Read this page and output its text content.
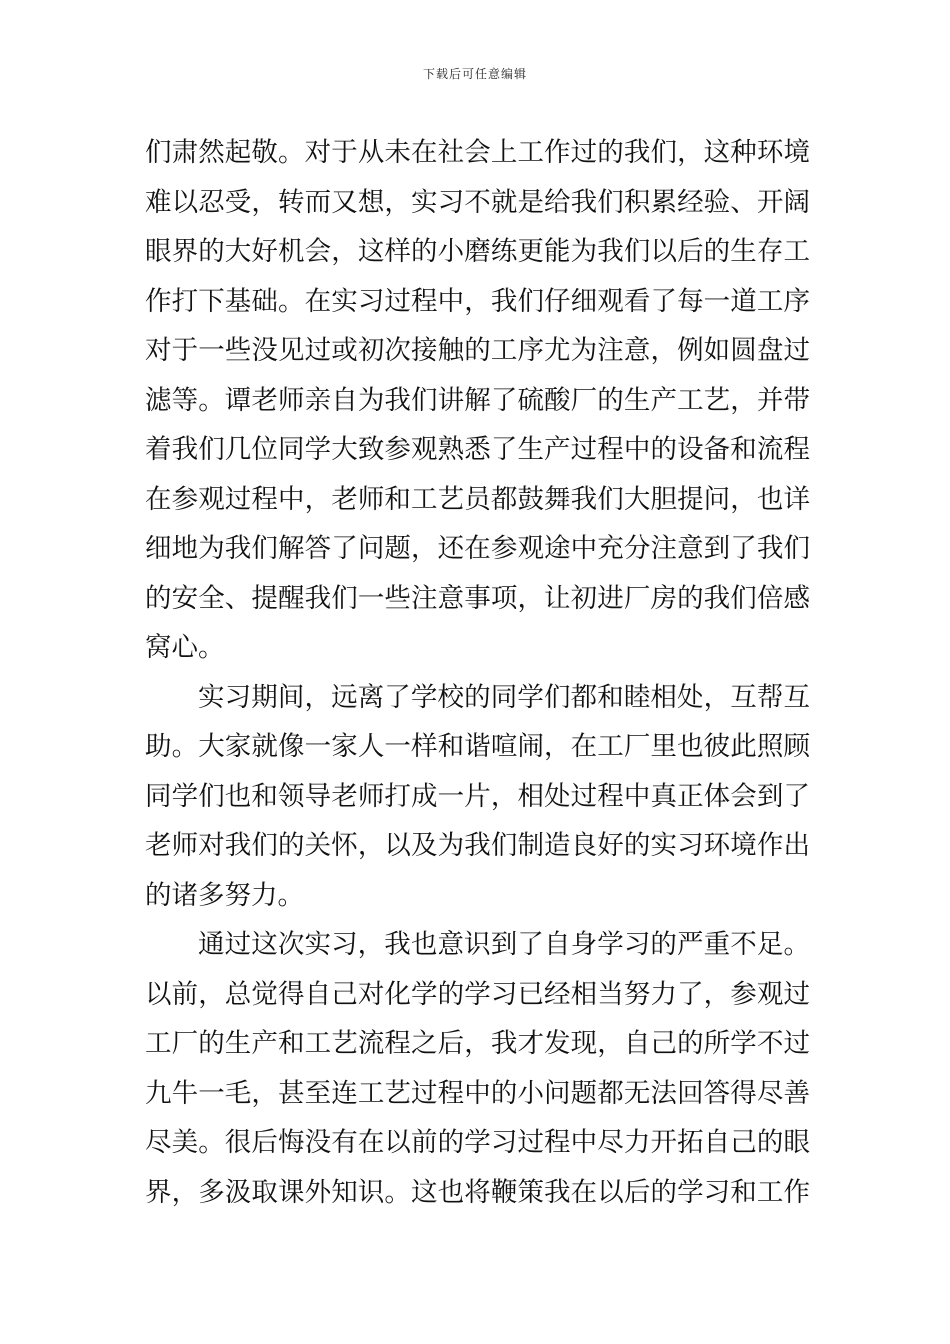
下载后可任意编辑
们肃然起敬。对于从未在社会上工作过的我们，这种环境
难以忍受，转而又想，实习不就是给我们积累经验、开阔
眼界的大好机会，这样的小磨练更能为我们以后的生存工
作打下基础。在实习过程中，我们仔细观看了每一道工序
对于一些没见过或初次接触的工序尤为注意，例如圆盘过
滤等。谭老师亲自为我们讲解了硫酸厂的生产工艺，并带
着我们几位同学大致参观熟悉了生产过程中的设备和流程
在参观过程中，老师和工艺员都鼓舞我们大胆提问，也详
细地为我们解答了问题，还在参观途中充分注意到了我们
的安全、提醒我们一些注意事项，让初进厂房的我们倍感
窝心。
实习期间，远离了学校的同学们都和睦相处，互帮互
助。大家就像一家人一样和谐喧闹，在工厂里也彼此照顾
同学们也和领导老师打成一片，相处过程中真正体会到了
老师对我们的关怀，以及为我们制造良好的实习环境作出
的诸多努力。
通过这次实习，我也意识到了自身学习的严重不足。
以前，总觉得自己对化学的学习已经相当努力了，参观过
工厂的生产和工艺流程之后，我才发现，自己的所学不过
九牛一毛，甚至连工艺过程中的小问题都无法回答得尽善
尽美。很后悔没有在以前的学习过程中尽力开拓自己的眼
界，多汲取课外知识。这也将鞭策我在以后的学习和工作
